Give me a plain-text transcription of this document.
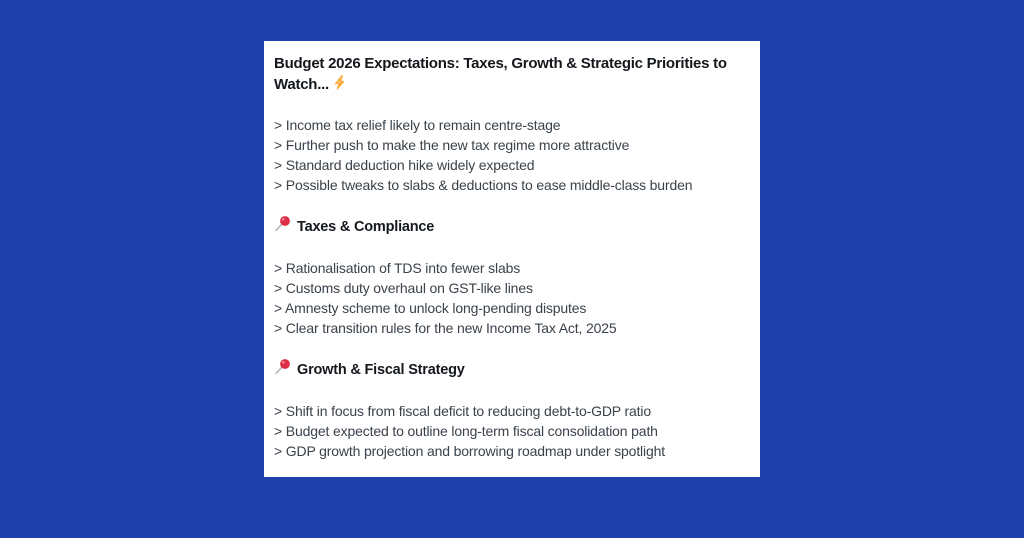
Budget 2026 Expectations: Taxes, Growth & Strategic Priorities to Watch...

> Income tax relief likely to remain centre-stage

> Further push to make the new tax regime more attractive

> Standard deduction hike widely expected

> Possible tweaks to slabs & deductions to ease middle-class burden

Taxes & Compliance

> Rationalisation of TDS into fewer slabs

> Customs duty overhaul on GST-like lines

> Amnesty scheme to unlock long-pending disputes

> Clear transition rules for the new Income Tax Act, 2025

Growth & Fiscal Strategy

> Shift in focus from fiscal deficit to reducing debt-to-GDP ratio

> Budget expected to outline long-term fiscal consolidation path

> GDP growth projection and borrowing roadmap under spotlight
